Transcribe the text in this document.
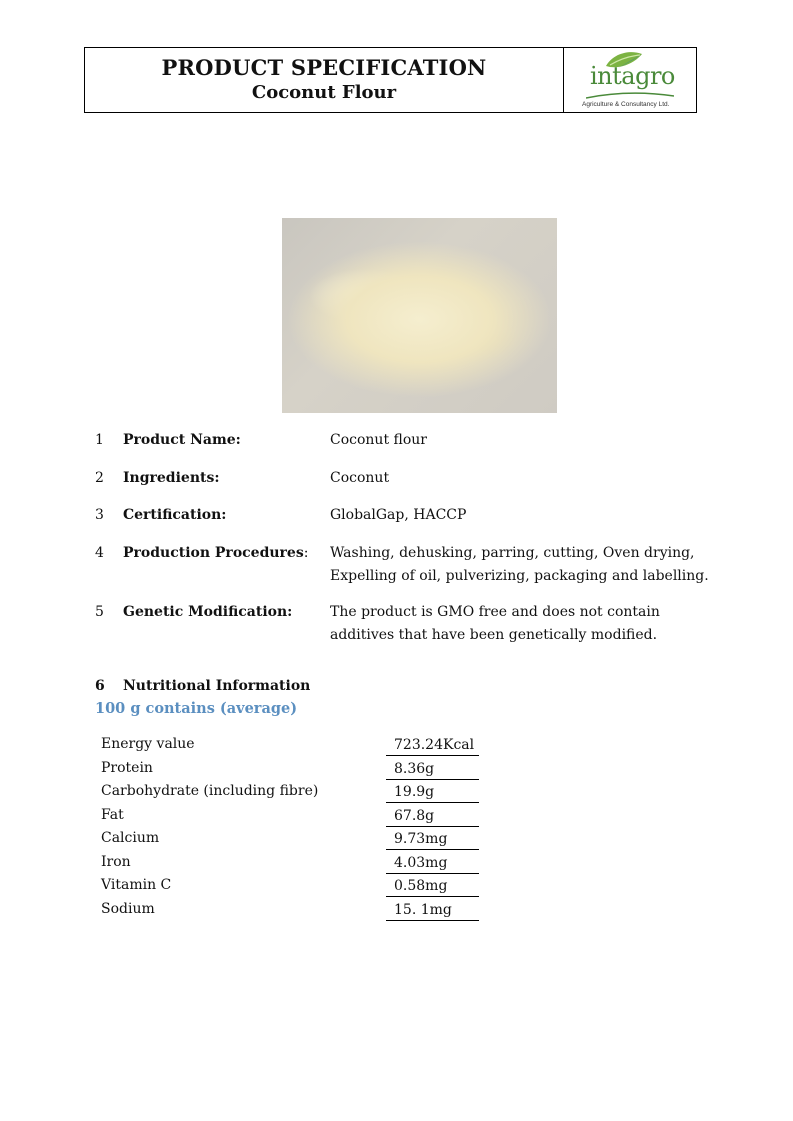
PRODUCT SPECIFICATION
Coconut Flour
intagro
Agriculture & Consultancy Ltd.
1 Product Name:	Coconut flour
2 Ingredients:	Coconut
3 Certification:	GlobalGap, HACCP
4 Production Procedures: Washing, dehusking, parring, cutting, Oven drying,
Expelling of oil, pulverizing, packaging and labelling.
5 Genetic Modification:	The product is GMO free and does not contain
additives that have been genetically modified.
6 Nutritional Information
100 g contains (average)
Energy value	723.24Kcal
Protein	8.36g
Carbohydrate (including fibre)	19.9g
Fat	67.8g
Calcium	9.73mg
Iron	4.03mg
Vitamin C	0.58mg
Sodium	15. 1mg
